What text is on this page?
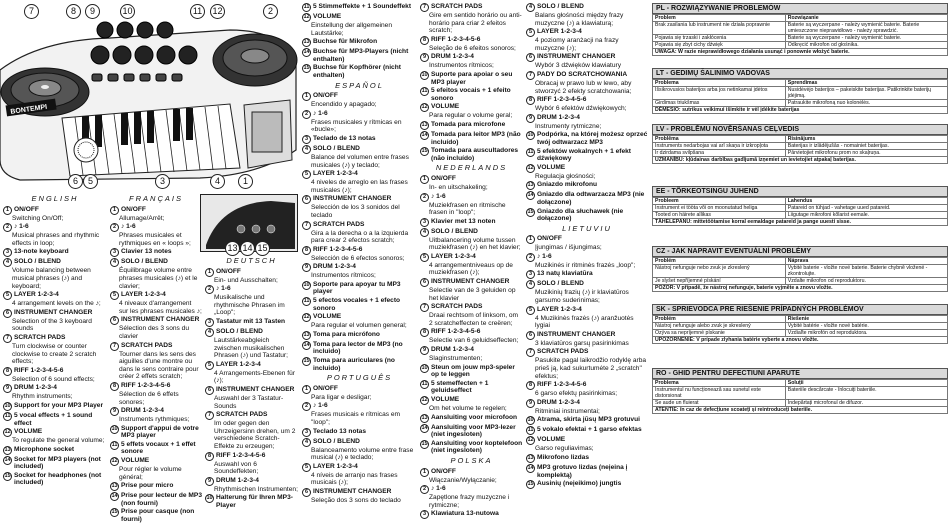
BONTEMPI
7	8	9	10	11	12	2
6	5	3	4	1
13 14 15
ENGLISH
1 ON/OFF
Switching On/Off;
2 ♪ 1-6
Musical phrases and rhythmic effects in loop;
3 13-note keyboard
4 SOLO / BLEND
Volume balancing between musical phrases (♪) and keyboard;
5 LAYER 1-2-3-4
4 arrangement levels on the ♪;
6 INSTRUMENT CHANGER
Selection of the 3 keyboard sounds
7 SCRATCH PADS
Turn clockwise or counter clockwise to create 2 scratch effects;
8 RIFF 1-2-3-4-5-6
Selection of 6 sound effects;
9 DRUM 1-2-3-4
Rhythm instruments;
10 Support for your MP3 Player
11 5 vocal effects + 1 sound effect
12 VOLUME
To regulate the general volume;
13 Microphone socket
14 Socket for MP3 players (not included)
15 Socket for headphones (not included)
FRANÇAIS
1 ON/OFF
Allumage/Arrêt;
2 ♪ 1-6
Phrases musicales et rythmiques en « loops »;
3 Clavier 13 notes
4 SOLO / BLEND
Équilibrage volume entre phrases musicales (♪) et le clavier;
5 LAYER 1-2-3-4
4 niveaux d'arrangement sur les phrases musicales ♪;
6 INSTRUMENT CHANGER
Sélection des 3 sons du clavier
7 SCRATCH PADS
Tourner dans les sens des aiguilles d'une montre ou dans le sens contraire pour créer 2 effets scratch;
8 RIFF 1-2-3-4-5-6
Sélection de 6 effets sonores;
9 DRUM 1-2-3-4
Instruments rythmiques;
10 Support d'appui de votre MP3 player
11 5 effets vocaux + 1 effet sonore
12 VOLUME
Pour régler le volume général;
13 Prise pour micro
14 Prise pour lecteur de MP3 (non fourni)
15 Prise pour casque (non fourni)
DEUTSCH
1 ON/OFF
Ein- und Ausschalten;
2 ♪ 1-6
Musikalische und rhythmische Phrasen im „Loop";
3 Tastatur mit 13 Tasten
4 SOLO / BLEND
Lautstärkeabgleich zwischen musikalischen Phrasen (♪) und Tastatur;
5 LAYER 1-2-3-4
4 Arrangements-Ebenen für (♪);
6 INSTRUMENT CHANGER
Auswahl der 3 Tastatur-Sounds
7 SCRATCH PADS
Im oder gegen den Uhrzeigersinn drehen, um 2 verschiedene Scratch-Effekte zu erzeugen;
8 RIFF 1-2-3-4-5-6
Auswahl von 6 Soundeffekten;
9 DRUM 1-2-3-4
Rhythmischen Instrumenten;
10 Halterung für Ihren MP3-Player
11 5 Stimmeffekte + 1 Soundeffekt
12 VOLUME
Einstellung der allgemeinen Lautstärke;
13 Buchse für Mikrofon
14 Buchse für MP3-Players (nicht enthalten)
15 Buchse für Kopfhörer (nicht enthalten)
ESPAÑOL
1 ON/OFF
Encendido y apagado;
2 ♪ 1-6
Frases musicales y rítmicas en «bucle»;
3 Teclado de 13 notas
4 SOLO / BLEND
Balance del volumen entre frases musicales (♪) y teclado;
5 LAYER 1-2-3-4
4 niveles de arreglo en las frases musicales (♪);
6 INSTRUMENT CHANGER
Selección de los 3 sonidos del teclado
7 SCRATCH PADS
Gira a la derecha o a la izquierda para crear 2 efectos scratch;
8 RIFF 1-2-3-4-5-6
Selección de 6 efectos sonoros;
9 DRUM 1-2-3-4
Instrumentos rítmicos;
10 Soporte para apoyar tu MP3 player
11 5 efectos vocales + 1 efecto sonoro
12 VOLUME
Para regular el volumen general;
13 Toma para micrófono
14 Toma para lector de MP3 (no incluido)
15 Toma para auriculares (no incluido)
PORTUGUÊS
1 ON/OFF
Para ligar e desligar;
2 ♪ 1-6
Frases musicais e rítmicas em "loop";
3 Teclado 13 notas
4 SOLO / BLEND
Balanceamento volume entre frase musical (♪) e teclado;
5 LAYER 1-2-3-4
4 níveis de arranjo nas frases musicais (♪);
6 INSTRUMENT CHANGER
Seleção dos 3 sons do teclado
7 SCRATCH PADS
Gire em sentido horário ou anti-horário para criar 2 efeitos scratch;
8 RIFF 1-2-3-4-5-6
Seleção de 6 efeitos sonoros;
9 DRUM 1-2-3-4
Instrumentos rítmicos;
10 Suporte para apoiar o seu MP3 player
11 5 efeitos vocais + 1 efeito sonoro
12 VOLUME
Para regular o volume geral;
13 Tomada para microfone
14 Tomada para leitor MP3 (não incluído)
15 Tomada para auscultadores (não incluído)
NEDERLANDS
1 ON/OFF
In- en uitschakeling;
2 ♪ 1-6
Muziekfrasen en ritmische frasen in "loop";
3 Klavier met 13 noten
4 SOLO / BLEND
Uitbalancering volume tussen muziekfrasen (♪) en het klavier;
5 LAYER 1-2-3-4
4 arrangementniveaus op de muziekfrasen (♪);
6 INSTRUMENT CHANGER
Selectie van de 3 geluiden op het klavier
7 SCRATCH PADS
Draai rechtsom of linksom, om 2 scratcheffecten te creëren;
8 RIFF 1-2-3-4-5-6
Selectie van 6 geluidseffecten;
9 DRUM 1-2-3-4
Slaginstrumenten;
10 Steun om jouw mp3-speler op te leggen
11 5 stemeffecten + 1 geluidseffect
12 VOLUME
Om het volume te regelen;
13 Aansluiting voor microfoon
14 Aansluiting voor MP3-lezer (niet ingesloten)
15 Aansluiting voor koptelefoon (niet ingesloten)
POLSKA
1 ON/OFF
Włączanie/Wyłączanie;
2 ♪ 1-6
Zapętlone frazy muzyczne i rytmiczne;
3 Klawiatura 13-nutowa
4 SOLO / BLEND
Balans głośności między frazy muzyczne (♪) a klawiaturą;
5 LAYER 1-2-3-4
4 poziomy aranżacji na frazy muzyczne (♪);
6 INSTRUMENT CHANGER
Wybór 3 dźwięków klawiatury
7 PADY DO SCRATCHOWANIA
Obracaj w prawo lub w lewo, aby stworzyć 2 efekty scratchowania;
8 RIFF 1-2-3-4-5-6
Wybór 6 efektów dźwiękowych;
9 DRUM 1-2-3-4
Instrumenty rytmiczne;
10 Podpórka, na której możesz oprzeć twój odtwarzacz MP3
11 5 efektów wokalnych + 1 efekt dźwiękowy
12 VOLUME
Regulacja głośności;
13 Gniazdo mikrofonu
14 Gniazdo dla odtwarzacza MP3 (nie dołączone)
15 Gniazdo dla słuchawek (nie dołączone)
LIETUVIU
1 ON/OFF
Įjungimas / išjungimas;
2 ♪ 1-6
Muzikinės ir ritminės frazės „loop";
3 13 natų klaviatūra
4 SOLO / BLEND
Muzikinių frazių (♪) ir klaviatūros garsumo suderinimas;
5 LAYER 1-2-3-4
4 Muzikinės frazės (♪) aranžuotės lygiai
6 INSTRUMENT CHANGER
3 klaviatūros garsų pasirinkimas
7 SCRATCH PADS
Pasukite pagal laikrodžio rodyklę arba prieš ją, kad sukurtumėte 2 „scratch" efektus;
8 RIFF 1-2-3-4-5-6
6 garso efektų pasirinkimas;
9 DRUM 1-2-3-4
Ritminiai instrumentai;
10 Atrama, skirta jūsų MP3 grotuvui
11 5 vokalo efektai + 1 garso efektas
12 VOLUME
Garso reguliavimas;
13 Mikrofono lizdas
14 MP3 grotuvo lizdas (neįeina į komplektą)
15 Ausinių (neįeikimo) jungtis
PL - ROZWIĄZYWANIE PROBLEMÓW
Problem	Rozwiązanie
Brak zasilania lub instrument nie działa poprawnie	Baterie są wyczerpane - należy wymienić baterie. Baterie umieszczone nieprawidłowo - należy sprawdzić.
Pojawia się trzaski i zakłócenia	Baterie są wyczerpane - należy wymienić baterie.
Pojawia się zbyt cichy dźwięk	Odkręcić mikrofon od głośnika.
UWAGA: W razie nieprawidłowego działania usunąć i ponownie włożyć baterie.
LT - GEDIMŲ ŠALINIMO VADOVAS
Problema	Sprendimas
Išsikrovusios baterijos arba jos netinkamai įdėtos	Nusidėvėjo baterijos – pakeiskite baterijas. Patikrinkite baterijų įdėjimą.
Girdimas triukšmas	Patraukite mikrofoną nuo kolonėlės.
DĖMESIO: sutrikus veikimui išimkite ir vėl įdėkite baterijas
LV - PROBLĒMU NOVĒRŠANAS CEĻVEDIS
Problēma	Risinājums
Instruments nedarbojas vai arī skaņa ir izkropļota	Baterijas ir izlādējušās - nomainiet baterijas.
Ir dzirdama svilpšana	Pārvietojiet mikrofonu prom no skaļruņa.
UZMANĪBU: kļūdainas darbības gadījumā izņemiet un ievietojiet atpakaļ baterijas.
EE - TÕRKEOTSINGU JUHEND
Probleem	Lahendus
Instrument ei tööta või on moonutatud heliga	Patareid on tühjad - vahetage uued patareid.
Tooted on häirete allikas	Liigutage mikrofoni kõlarist eemale.
TÄHELEPANU: mittetöötamise korral eemaldage patareid ja pange uuesti sisse.
CZ - JAK NAPRAVIT EVENTUÁLNÍ PROBLÉMY
Problém	Náprava
Nástroj nefunguje nebo zvuk je zkreslený	Vybité baterie - vložte nové baterie. Baterie chybně vložené - zkontrolujte.
Je slyšet nepříjemné pískání	Vzdalte mikrofon od reproduktoru.
POZOR: V případě, že nástroj nefunguje, baterie vyjměte a znovu vložte.
SK - SPRIEVODCA PRE RIEŠENIE PRÍPADNÝCH PROBLÉMOV
Problém	Riešenie
Nástroj nefunguje alebo zvuk je skreslený	Vybité batérie - vložte nové batérie.
Ozýva sa nepríjemné pískanie	Vzdiaľte mikrofón od reproduktora.
UPOZORNENIE: V prípade zlyhania batérie vyberte a znovu vložte.
RO - GHID PENTRU DEFECTIUNI APARUTE
Problema	Soluții
Instrumentul nu funcționează sau sunetul este distorsionat	Bateriile descărcate - înlocuiți bateriile.
Se aude un fluierat	Îndepărtați microfonul de difuzor.
ATENTIE: în caz de defecțiune scoateți și reintroduceți bateriile.
